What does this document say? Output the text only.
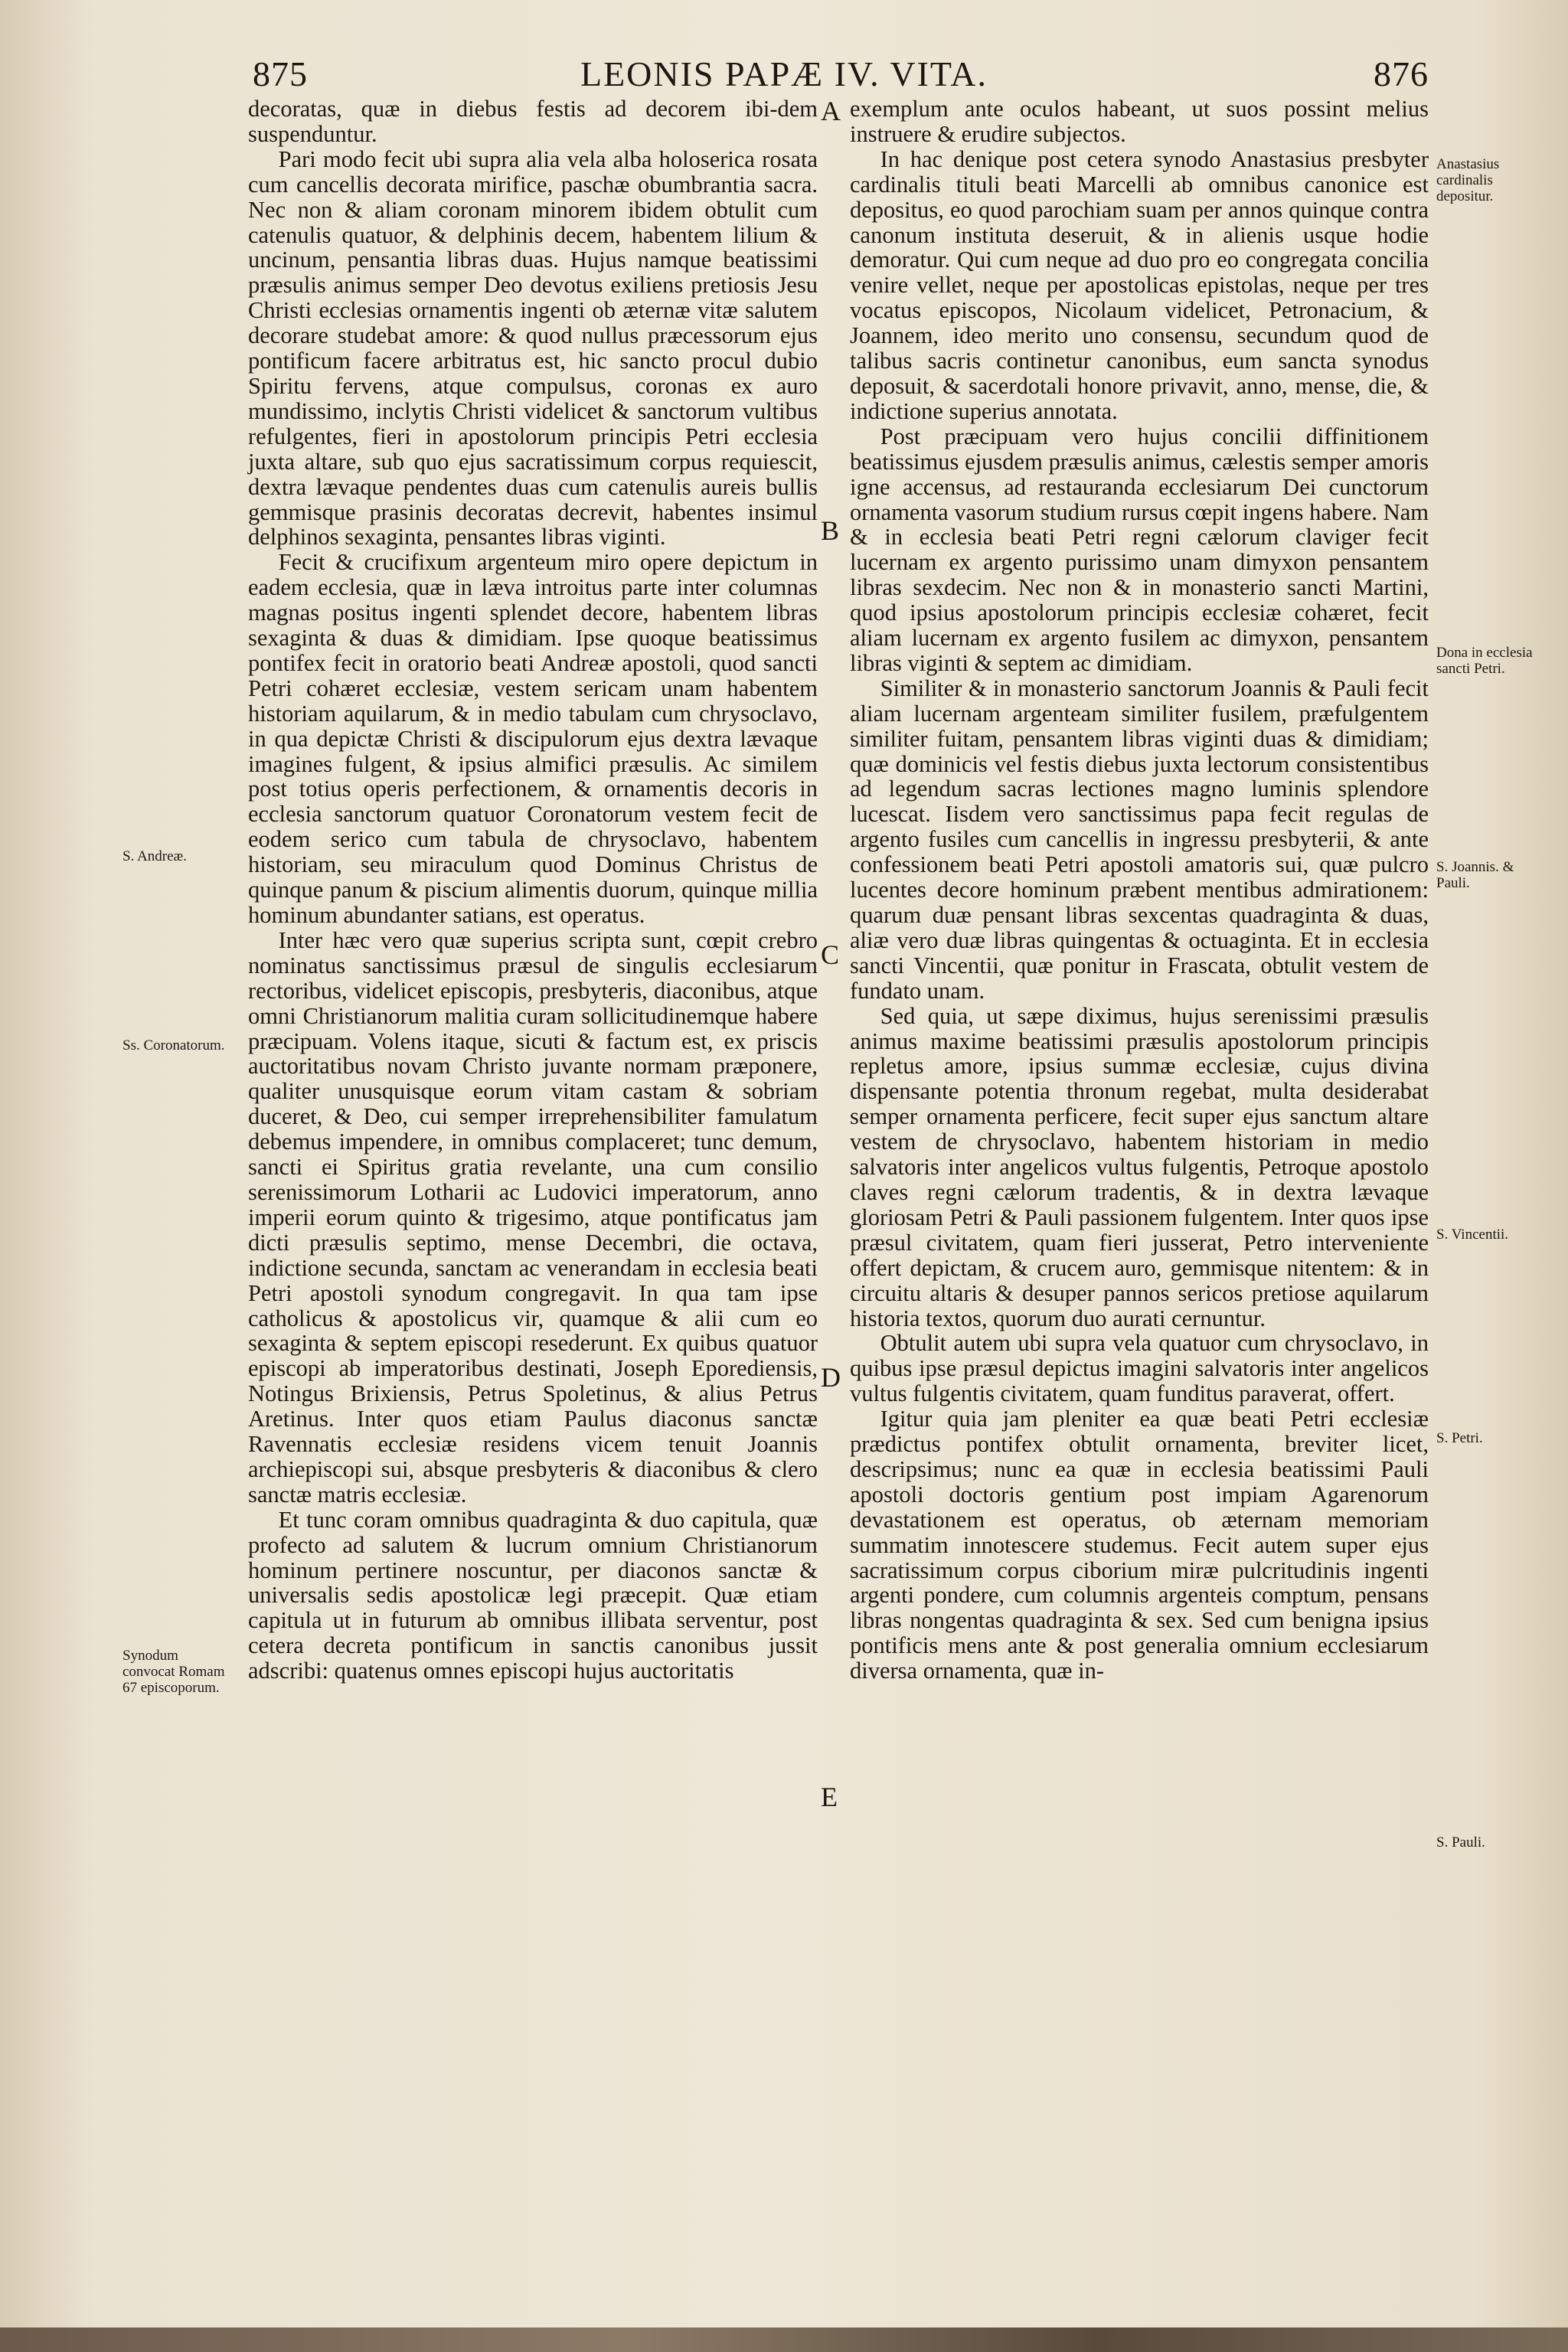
875	LEONIS PAPÆ IV. VITA.	876

decoratas, quæ in diebus festis ad decorem ibi-dem suspenduntur.

Pari modo fecit ubi supra alia vela alba holoserica rosata cum cancellis decorata mirifice, paschæ obumbrantia sacra. Nec non & aliam coronam minorem ibidem obtulit cum catenulis quatuor, & delphinis decem, habentem lilium & uncinum, pensantia libras duas. Hujus namque beatissimi præsulis animus semper Deo devotus exiliens pretiosis Jesu Christi ecclesias ornamentis ingenti ob æternæ vitæ salutem decorare studebat amore: & quod nullus præcessorum ejus pontificum facere arbitratus est, hic sancto procul dubio Spiritu fervens, atque compulsus, coronas ex auro mundissimo, inclytis Christi videlicet & sanctorum vultibus refulgentes, fieri in apostolorum principis Petri ecclesia juxta altare, sub quo ejus sacratissimum corpus requiescit, dextra lævaque pendentes duas cum catenulis aureis bullis gemmisque prasinis decoratas decrevit, habentes insimul delphinos sexaginta, pensantes libras viginti.

Fecit & crucifixum argenteum miro opere depictum in eadem ecclesia, quæ in læva introitus parte inter columnas magnas positus ingenti splendet decore, habentem libras sexaginta & duas & dimidiam. Ipse quoque beatissimus pontifex fecit in oratorio beati Andreæ apostoli, quod sancti Petri cohæret ecclesiæ, vestem sericam unam habentem historiam aquilarum, & in medio tabulam cum chrysoclavo, in qua depictæ Christi & discipulorum ejus dextra lævaque imagines fulgent, & ipsius almifici præsulis. Ac similem post totius operis perfectionem, & ornamentis decoris in ecclesia sanctorum quatuor Coronatorum vestem fecit de eodem serico cum tabula de chrysoclavo, habentem historiam, seu miraculum quod Dominus Christus de quinque panum & piscium alimentis duorum, quinque millia hominum abundanter satians, est operatus.

Inter hæc vero quæ superius scripta sunt, cœpit crebro nominatus sanctissimus præsul de singulis ecclesiarum rectoribus, videlicet episcopis, presbyteris, diaconibus, atque omni Christianorum malitia curam sollicitudinemque habere præcipuam. Volens itaque, sicuti & factum est, ex priscis auctoritatibus novam Christo juvante normam præponere, qualiter unusquisque eorum vitam castam & sobriam duceret, & Deo, cui semper irreprehensibiliter famulatum debemus impendere, in omnibus complaceret; tunc demum, sancti ei Spiritus gratia revelante, una cum consilio serenissimorum Lotharii ac Ludovici imperatorum, anno imperii eorum quinto & trigesimo, atque pontificatus jam dicti præsulis septimo, mense Decembri, die octava, indictione secunda, sanctam ac venerandam in ecclesia beati Petri apostoli synodum congregavit. In qua tam ipse catholicus & apostolicus vir, quamque & alii cum eo sexaginta & septem episcopi resederunt. Ex quibus quatuor episcopi ab imperatoribus destinati, Joseph Eporediensis, Notingus Brixiensis, Petrus Spoletinus, & alius Petrus Aretinus. Inter quos etiam Paulus diaconus sanctæ Ravennatis ecclesiæ residens vicem tenuit Joannis archiepiscopi sui, absque presbyteris & diaconibus & clero sanctæ matris ecclesiæ.

Et tunc coram omnibus quadraginta & duo capitula, quæ profecto ad salutem & lucrum omnium Christianorum hominum pertinere noscuntur, per diaconos sanctæ & universalis sedis apostolicæ legi præcepit. Quæ etiam capitula ut in futurum ab omnibus illibata serventur, post cetera decreta pontificum in sanctis canonibus jussit adscribi: quatenus omnes episcopi hujus auctoritatis

exemplum ante oculos habeant, ut suos possint melius instruere & erudire subjectos.

In hac denique post cetera synodo Anastasius presbyter cardinalis tituli beati Marcelli ab omnibus canonice est depositus, eo quod parochiam suam per annos quinque contra canonum instituta deseruit, & in alienis usque hodie demoratur. Qui cum neque ad duo pro eo congregata concilia venire vellet, neque per apostolicas epistolas, neque per tres vocatus episcopos, Nicolaum videlicet, Petronacium, & Joannem, ideo merito uno consensu, secundum quod de talibus sacris continetur canonibus, eum sancta synodus deposuit, & sacerdotali honore privavit, anno, mense, die, & indictione superius annotata.

Post præcipuam vero hujus concilii diffinitionem beatissimus ejusdem præsulis animus, cælestis semper amoris igne accensus, ad restauranda ecclesiarum Dei cunctorum ornamenta vasorum studium rursus cœpit ingens habere. Nam & in ecclesia beati Petri regni cælorum claviger fecit lucernam ex argento purissimo unam dimyxon pensantem libras sexdecim. Nec non & in monasterio sancti Martini, quod ipsius apostolorum principis ecclesiæ cohæret, fecit aliam lucernam ex argento fusilem ac dimyxon, pensantem libras viginti & septem ac dimidiam.

Similiter & in monasterio sanctorum Joannis & Pauli fecit aliam lucernam argenteam similiter fusilem, præfulgentem similiter fuitam, pensantem libras viginti duas & dimidiam; quæ dominicis vel festis diebus juxta lectorum consistentibus ad legendum sacras lectiones magno luminis splendore lucescat. Iisdem vero sanctissimus papa fecit regulas de argento fusiles cum cancellis in ingressu presbyterii, & ante confessionem beati Petri apostoli amatoris sui, quæ pulcro lucentes decore hominum præbent mentibus admirationem: quarum duæ pensant libras sexcentas quadraginta & duas, aliæ vero duæ libras quingentas & octuaginta. Et in ecclesia sancti Vincentii, quæ ponitur in Frascata, obtulit vestem de fundato unam.

Sed quia, ut sæpe diximus, hujus serenissimi præsulis animus maxime beatissimi præsulis apostolorum principis repletus amore, ipsius summæ ecclesiæ, cujus divina dispensante potentia thronum regebat, multa desiderabat semper ornamenta perficere, fecit super ejus sanctum altare vestem de chrysoclavo, habentem historiam in medio salvatoris inter angelicos vultus fulgentis, Petroque apostolo claves regni cælorum tradentis, & in dextra lævaque gloriosam Petri & Pauli passionem fulgentem. Inter quos ipse præsul civitatem, quam fieri jusserat, Petro interveniente offert depictam, & crucem auro, gemmisque nitentem: & in circuitu altaris & desuper pannos sericos pretiose aquilarum historia textos, quorum duo aurati cernuntur.

Obtulit autem ubi supra vela quatuor cum chrysoclavo, in quibus ipse præsul depictus imagini salvatoris inter angelicos vultus fulgentis civitatem, quam funditus paraverat, offert.

Igitur quia jam pleniter ea quæ beati Petri ecclesiæ prædictus pontifex obtulit ornamenta, breviter licet, descripsimus; nunc ea quæ in ecclesia beatissimi Pauli apostoli doctoris gentium post impiam Agarenorum devastationem est operatus, ob æternam memoriam summatim innotescere studemus. Fecit autem super ejus sacratissimum corpus ciborium miræ pulcritudinis ingenti argenti pondere, cum columnis argenteis comptum, pensans libras nongentas quadraginta & sex. Sed cum benigna ipsius pontificis mens ante & post generalia omnium ecclesiarum diversa ornamenta, quæ in-

S. Andreæ.
Ss. Coronatorum.
Synodum convocat Romam 67 episcoporum.
Anastasius cardinalis depositur.
Dona in ecclesia sancti Petri.
S. Joannis. & Pauli.
S. Vincentii.
S. Petri.
S. Pauli.
A
B
C
D
E
